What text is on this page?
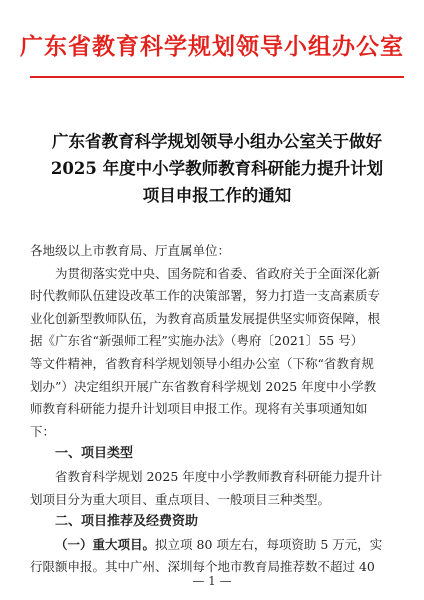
广东省教育科学规划领导小组办公室
广东省教育科学规划领导小组办公室关于做好
2025 年度中小学教师教育科研能力提升计划
项目申报工作的通知

各地级以上市教育局、厅直属单位：

为贯彻落实党中央、国务院和省委、省政府关于全面深化新
时代教师队伍建设改革工作的决策部署，努力打造一支高素质专
业化创新型教师队伍，为教育高质量发展提供坚实师资保障，根
据《广东省“新强师工程”实施办法》（粤府〔2021〕55 号）
等文件精神，省教育科学规划领导小组办公室（下称“省教育规
划办”）决定组织开展广东省教育科学规划 2025 年度中小学教
师教育科研能力提升计划项目申报工作。现将有关事项通知如
下：

一、项目类型

省教育科学规划 2025 年度中小学教师教育科研能力提升计
划项目分为重大项目、重点项目、一般项目三种类型。

二、项目推荐及经费资助

（一）重大项目。拟立项 80 项左右，每项资助 5 万元，实
行限额申报。其中广州、深圳每个地市教育局推荐数不超过 40

— 1 —
